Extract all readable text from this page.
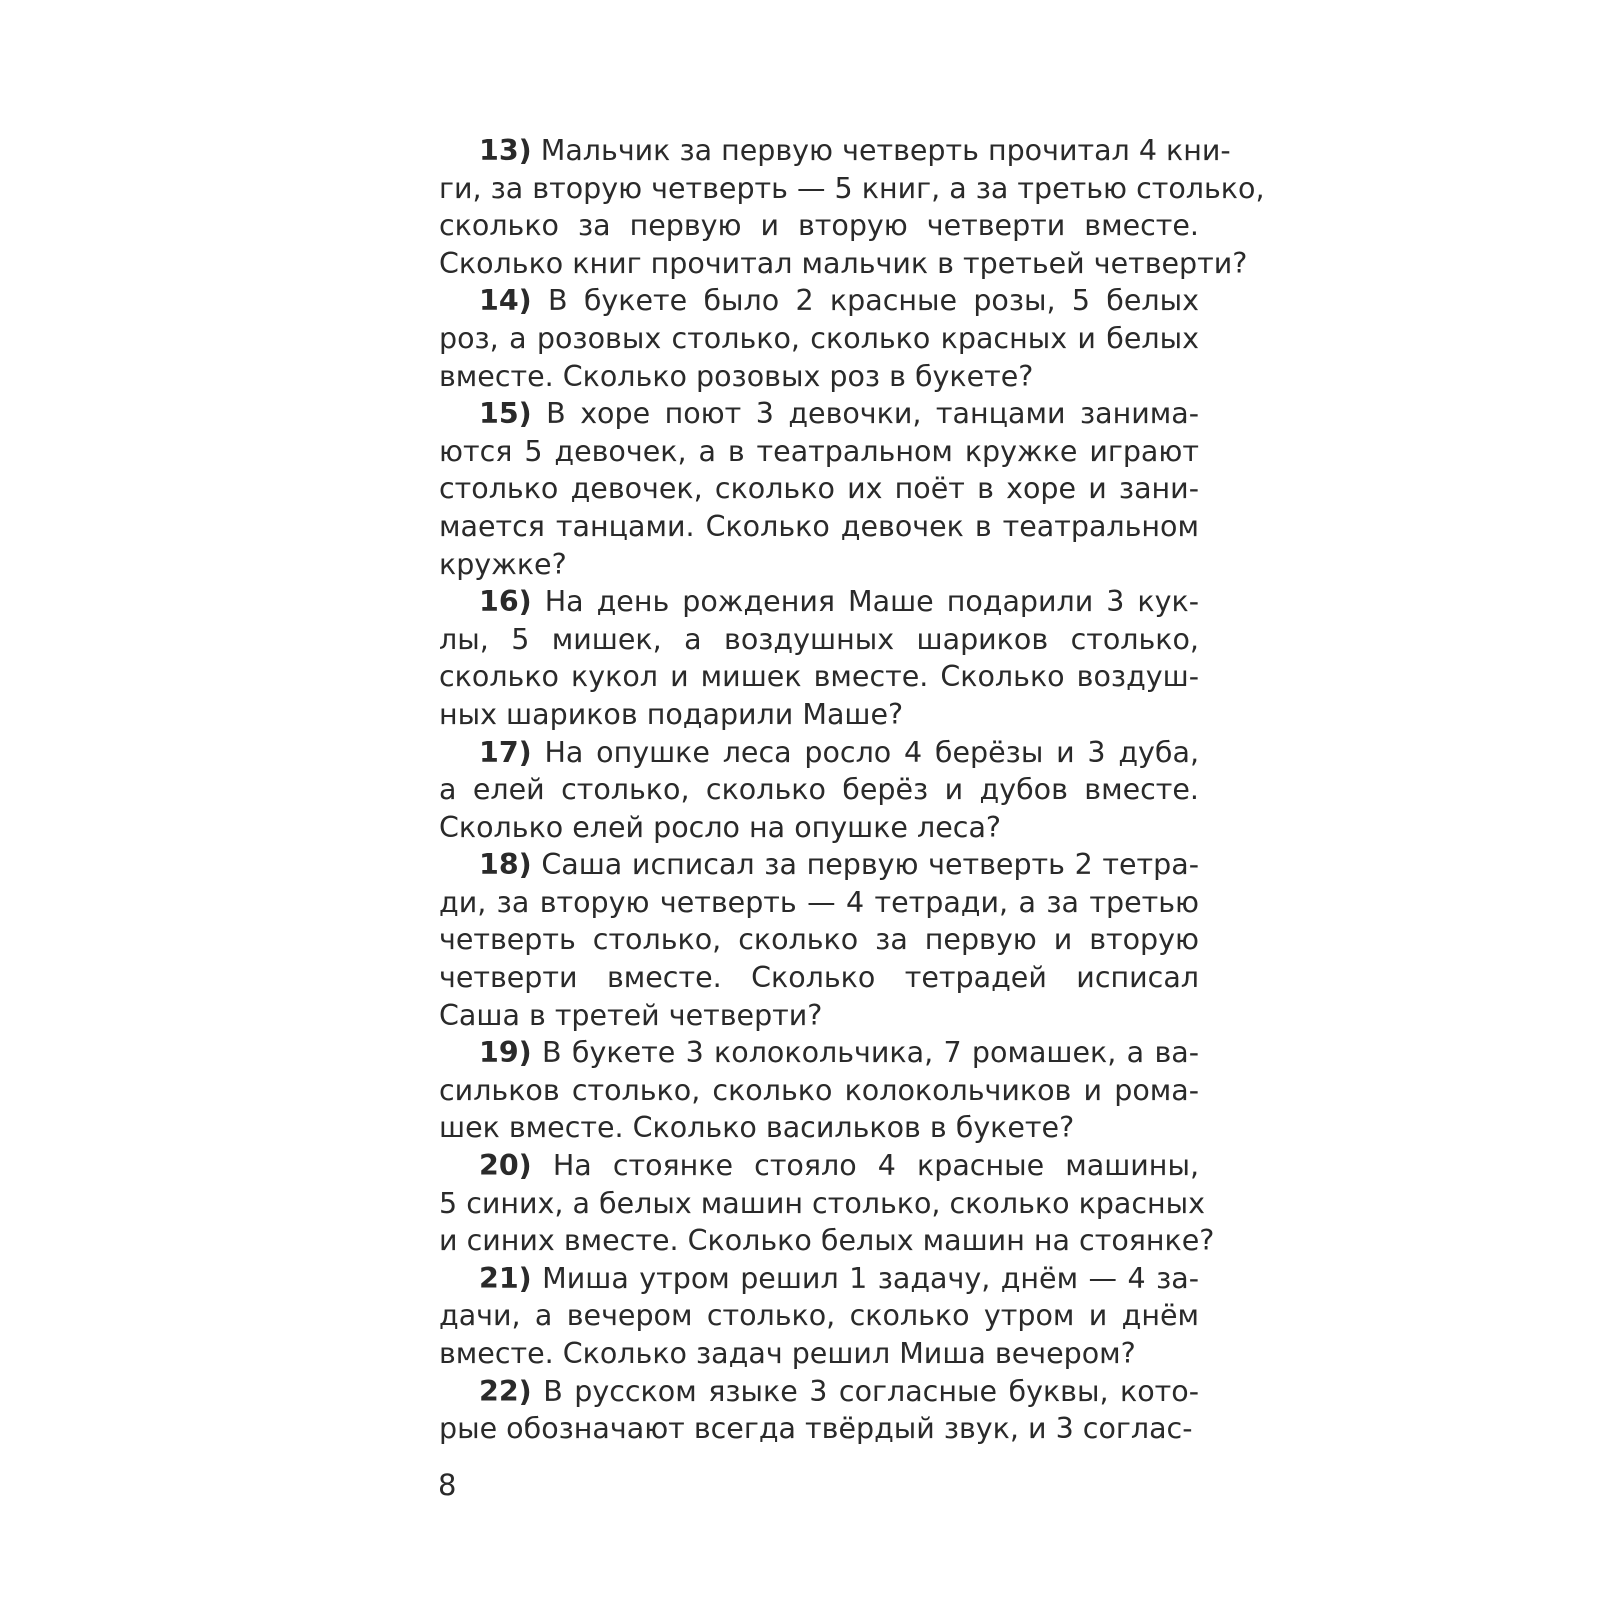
13) Мальчик за первую четверть прочитал 4 кни-
ги, за вторую четверть — 5 книг, а за третью столько,
сколько за первую и вторую четверти вместе.
Сколько книг прочитал мальчик в третьей четверти?
14) В букете было 2 красные розы, 5 белых
роз, а розовых столько, сколько красных и белых
вместе. Сколько розовых роз в букете?
15) В хоре поют 3 девочки, танцами занима-
ются 5 девочек, а в театральном кружке играют
столько девочек, сколько их поёт в хоре и зани-
мается танцами. Сколько девочек в театральном
кружке?
16) На день рождения Маше подарили 3 кук-
лы, 5 мишек, а воздушных шариков столько,
сколько кукол и мишек вместе. Сколько воздуш-
ных шариков подарили Маше?
17) На опушке леса росло 4 берёзы и 3 дуба,
а елей столько, сколько берёз и дубов вместе.
Сколько елей росло на опушке леса?
18) Саша исписал за первую четверть 2 тетра-
ди, за вторую четверть — 4 тетради, а за третью
четверть столько, сколько за первую и вторую
четверти вместе. Сколько тетрадей исписал
Саша в третей четверти?
19) В букете 3 колокольчика, 7 ромашек, а ва-
сильков столько, сколько колокольчиков и рома-
шек вместе. Сколько васильков в букете?
20) На стоянке стояло 4 красные машины,
5 синих, а белых машин столько, сколько красных
и синих вместе. Сколько белых машин на стоянке?
21) Миша утром решил 1 задачу, днём — 4 за-
дачи, а вечером столько, сколько утром и днём
вместе. Сколько задач решил Миша вечером?
22) В русском языке 3 согласные буквы, кото-
рые обозначают всегда твёрдый звук, и 3 соглас-
8
